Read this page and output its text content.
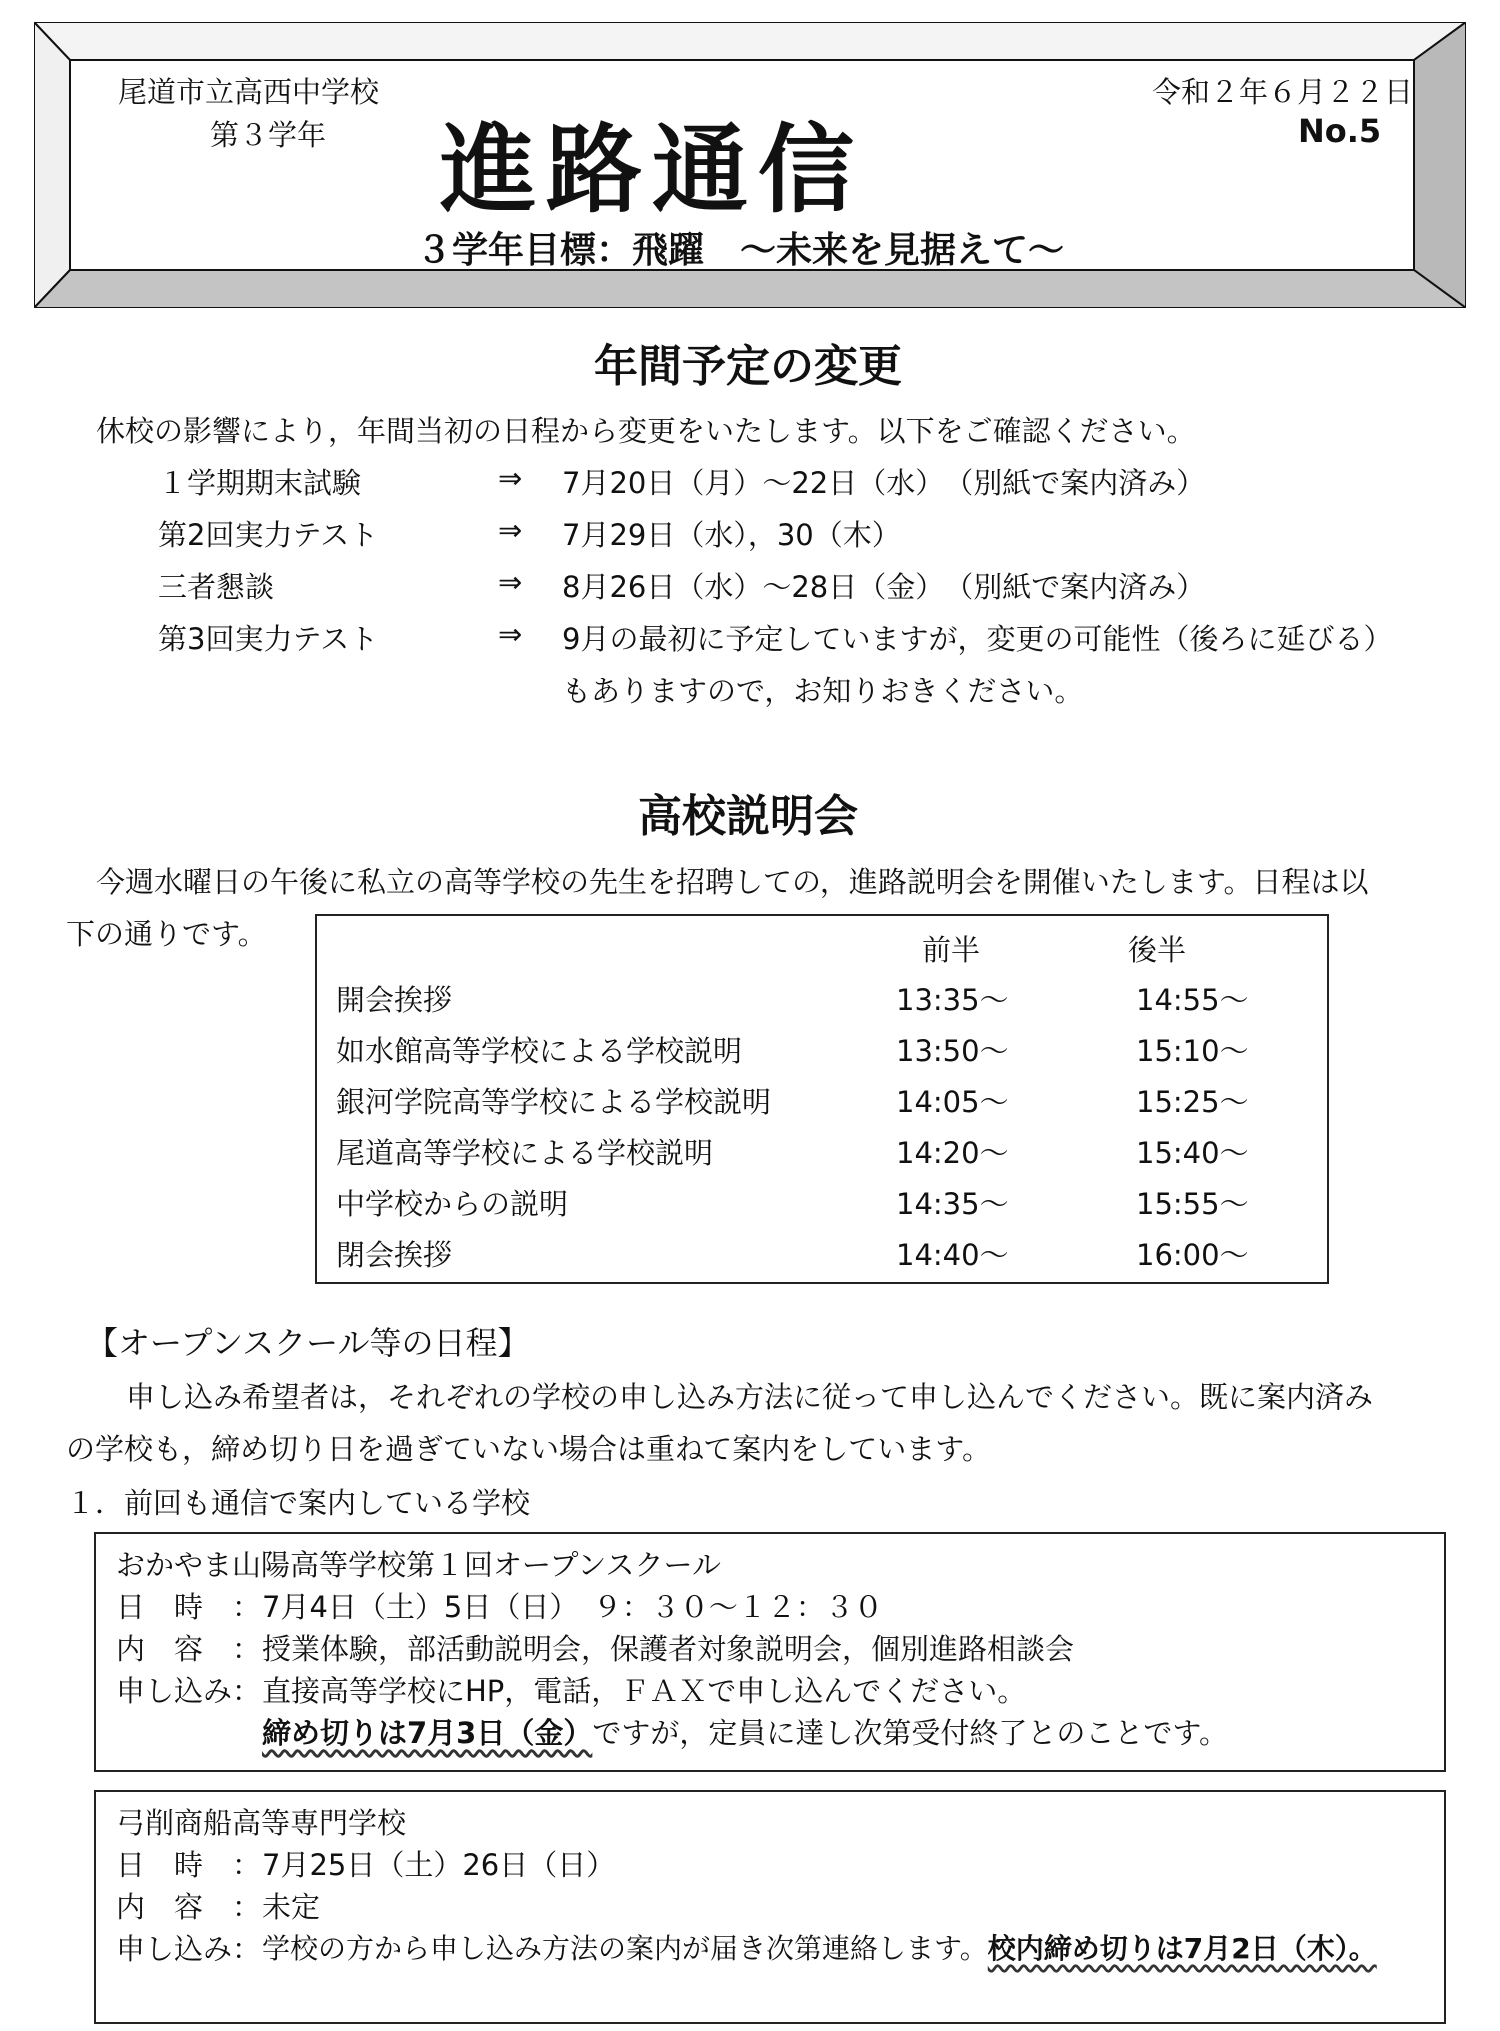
尾道市立高西中学校
第３学年
令和２年６月２２日
No.5
進路通信
３学年目標：飛躍　～未来を見据えて～
年間予定の変更
休校の影響により，年間当初の日程から変更をいたします。以下をご確認ください。
１学期期末試験	⇒ 7月20日（月）～22日（水）　（別紙で案内済み）
第2回実力テスト	⇒ 7月29日（水），30（木）
三者懇談	⇒ 8月26日（水）～28日（金）　（別紙で案内済み）
第3回実力テスト	⇒ 9月の最初に予定していますが，変更の可能性（後ろに延びる）
もありますので，お知りおきください。
高校説明会
今週水曜日の午後に私立の高等学校の先生を招聘しての，進路説明会を開催いたします。日程は以
下の通りです。	前半	後半
開会挨拶	13:35～	14:55～
如水館高等学校による学校説明	13:50～	15:10～
銀河学院高等学校による学校説明	14:05～	15:25～
尾道高等学校による学校説明	14:20～	15:40～
中学校からの説明	14:35～	15:55～
閉会挨拶	14:40～	16:00～
【オープンスクール等の日程】
申し込み希望者は，それぞれの学校の申し込み方法に従って申し込んでください。既に案内済み
の学校も，締め切り日を過ぎていない場合は重ねて案内をしています。
１．前回も通信で案内している学校
おかやま山陽高等学校第１回オープンスクール
日　時　： 7月4日（土）5日（日）　９：３０～１２：３０
内　容　： 授業体験，部活動説明会，保護者対象説明会，個別進路相談会
申し込み： 直接高等学校にHP，電話，ＦＡＸで申し込んでください。
締め切りは7月3日（金）ですが，定員に達し次第受付終了とのことです。
弓削商船高等専門学校
日　時　： 7月25日（土）26日（日）
内　容　： 未定
申し込み： 学校の方から申し込み方法の案内が届き次第連絡します。校内締め切りは7月2日（木）。
